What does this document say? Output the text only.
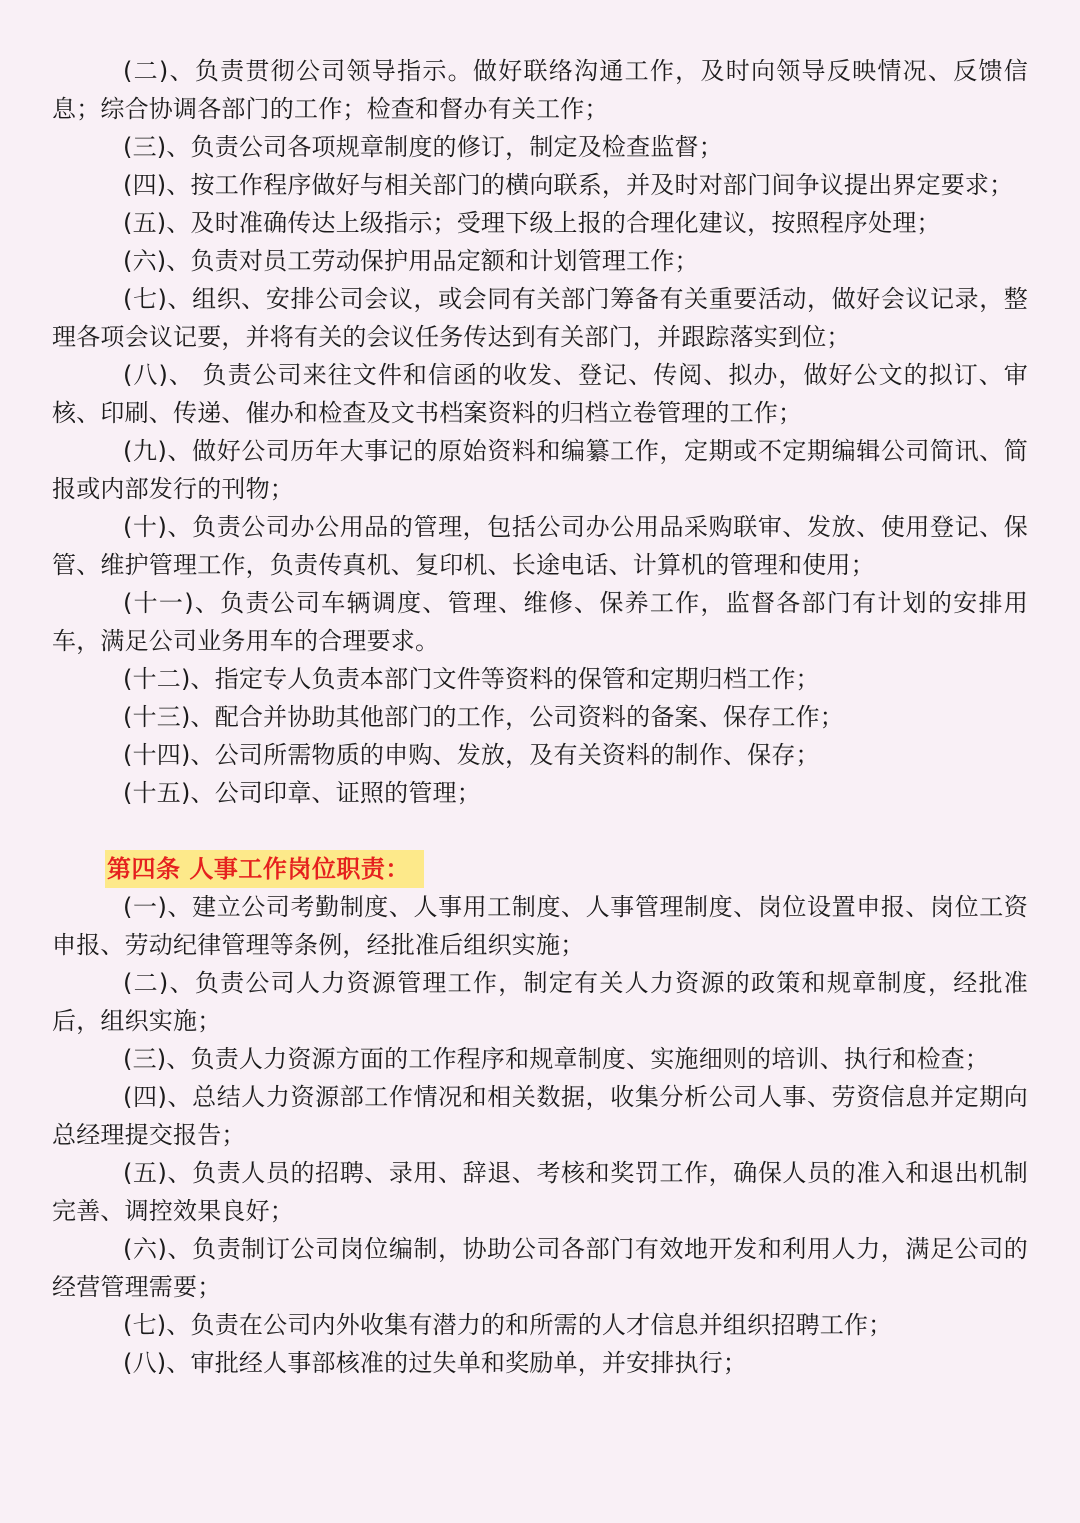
(二)、负责贯彻公司领导指示。做好联络沟通工作，及时向领导反映情况、反馈信息；综合协调各部门的工作；检查和督办有关工作；

(三)、负责公司各项规章制度的修订，制定及检查监督；

(四)、按工作程序做好与相关部门的横向联系，并及时对部门间争议提出界定要求；

(五)、及时准确传达上级指示；受理下级上报的合理化建议，按照程序处理；

(六)、负责对员工劳动保护用品定额和计划管理工作；

(七)、组织、安排公司会议，或会同有关部门筹备有关重要活动，做好会议记录，整理各项会议记要，并将有关的会议任务传达到有关部门，并跟踪落实到位；

(八)、 负责公司来往文件和信函的收发、登记、传阅、拟办，做好公文的拟订、审核、印刷、传递、催办和检查及文书档案资料的归档立卷管理的工作；

(九)、做好公司历年大事记的原始资料和编纂工作，定期或不定期编辑公司简讯、简报或内部发行的刊物；

(十)、负责公司办公用品的管理，包括公司办公用品采购联审、发放、使用登记、保管、维护管理工作，负责传真机、复印机、长途电话、计算机的管理和使用；

(十一)、负责公司车辆调度、管理、维修、保养工作，监督各部门有计划的安排用车，满足公司业务用车的合理要求。

(十二)、指定专人负责本部门文件等资料的保管和定期归档工作；

(十三)、配合并协助其他部门的工作，公司资料的备案、保存工作；

(十四)、公司所需物质的申购、发放，及有关资料的制作、保存；

(十五)、公司印章、证照的管理；

第四条 人事工作岗位职责：

(一)、建立公司考勤制度、人事用工制度、人事管理制度、岗位设置申报、岗位工资申报、劳动纪律管理等条例，经批准后组织实施；

(二)、负责公司人力资源管理工作，制定有关人力资源的政策和规章制度，经批准后，组织实施；

(三)、负责人力资源方面的工作程序和规章制度、实施细则的培训、执行和检查；

(四)、总结人力资源部工作情况和相关数据，收集分析公司人事、劳资信息并定期向总经理提交报告；

(五)、负责人员的招聘、录用、辞退、考核和奖罚工作，确保人员的准入和退出机制完善、调控效果良好；

(六)、负责制订公司岗位编制，协助公司各部门有效地开发和利用人力，满足公司的经营管理需要；

(七)、负责在公司内外收集有潜力的和所需的人才信息并组织招聘工作；

(八)、审批经人事部核准的过失单和奖励单，并安排执行；
